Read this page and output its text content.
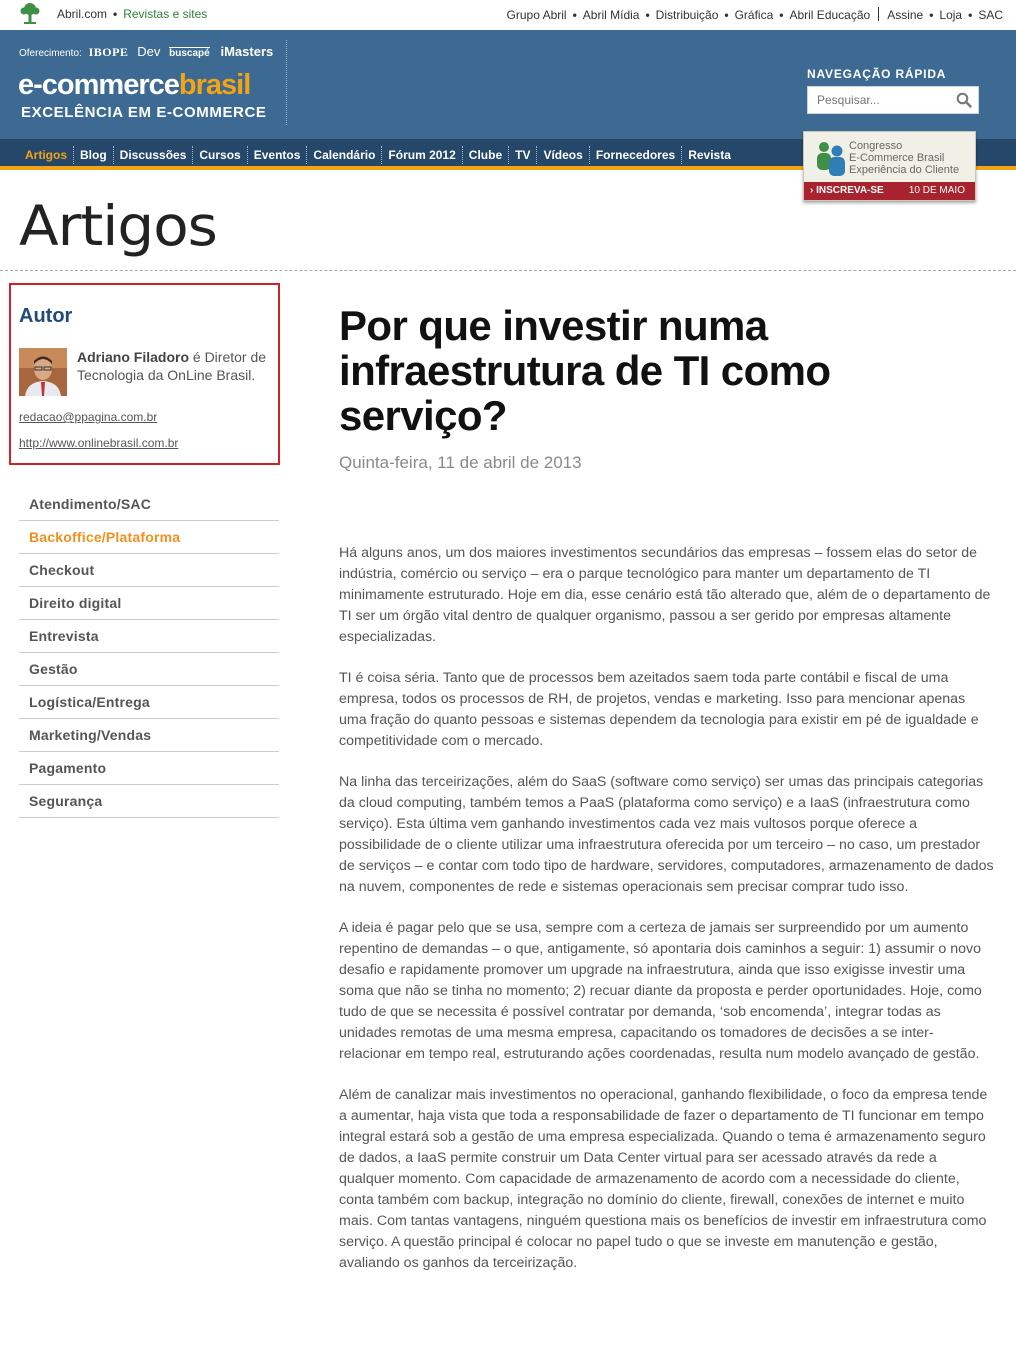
Abril.com • Revistas e sites	Grupo Abril • Abril Mídia • Distribuição • Gráfica • Abril Educação Assine • Loja • SAC
Oferecimento: IBOPE Dev buscapé iMasters
e-commercebrasil
EXCELÊNCIA EM E-COMMERCE
NAVEGAÇÃO RÁPIDA
Pesquisar...
Artigos	Blog	Discussões	Cursos	Eventos	Calendário	Fórum 2012	Clube	TV	Vídeos	Fornecedores	Revista
Congresso
E-Commerce Brasil
Experiência do Cliente
› INSCREVA-SE	10 DE MAIO
Artigos
Autor
Adriano Filadoro é Diretor de Tecnologia da OnLine Brasil.
redacao@ppagina.com.br
http://www.onlinebrasil.com.br
Atendimento/SAC
Backoffice/Plataforma
Checkout
Direito digital
Entrevista
Gestão
Logística/Entrega
Marketing/Vendas
Pagamento
Segurança
Por que investir numa infraestrutura de TI como serviço?
Quinta-feira, 11 de abril de 2013

Há alguns anos, um dos maiores investimentos secundários das empresas – fossem elas do setor de indústria, comércio ou serviço – era o parque tecnológico para manter um departamento de TI minimamente estruturado. Hoje em dia, esse cenário está tão alterado que, além de o departamento de TI ser um órgão vital dentro de qualquer organismo, passou a ser gerido por empresas altamente especializadas.

TI é coisa séria. Tanto que de processos bem azeitados saem toda parte contábil e fiscal de uma empresa, todos os processos de RH, de projetos, vendas e marketing. Isso para mencionar apenas uma fração do quanto pessoas e sistemas dependem da tecnologia para existir em pé de igualdade e competitividade com o mercado.

Na linha das terceirizações, além do SaaS (software como serviço) ser umas das principais categorias da cloud computing, também temos a PaaS (plataforma como serviço) e a IaaS (infraestrutura como serviço). Esta última vem ganhando investimentos cada vez mais vultosos porque oferece a possibilidade de o cliente utilizar uma infraestrutura oferecida por um terceiro – no caso, um prestador de serviços – e contar com todo tipo de hardware, servidores, computadores, armazenamento de dados na nuvem, componentes de rede e sistemas operacionais sem precisar comprar tudo isso.

A ideia é pagar pelo que se usa, sempre com a certeza de jamais ser surpreendido por um aumento repentino de demandas – o que, antigamente, só apontaria dois caminhos a seguir: 1) assumir o novo desafio e rapidamente promover um upgrade na infraestrutura, ainda que isso exigisse investir uma soma que não se tinha no momento; 2) recuar diante da proposta e perder oportunidades. Hoje, como tudo de que se necessita é possível contratar por demanda, ‘sob encomenda’, integrar todas as unidades remotas de uma mesma empresa, capacitando os tomadores de decisões a se inter-relacionar em tempo real, estruturando ações coordenadas, resulta num modelo avançado de gestão.

Além de canalizar mais investimentos no operacional, ganhando flexibilidade, o foco da empresa tende a aumentar, haja vista que toda a responsabilidade de fazer o departamento de TI funcionar em tempo integral estará sob a gestão de uma empresa especializada. Quando o tema é armazenamento seguro de dados, a IaaS permite construir um Data Center virtual para ser acessado através da rede a qualquer momento. Com capacidade de armazenamento de acordo com a necessidade do cliente, conta também com backup, integração no domínio do cliente, firewall, conexões de internet e muito mais. Com tantas vantagens, ninguém questiona mais os benefícios de investir em infraestrutura como serviço. A questão principal é colocar no papel tudo o que se investe em manutenção e gestão, avaliando os ganhos da terceirização.
